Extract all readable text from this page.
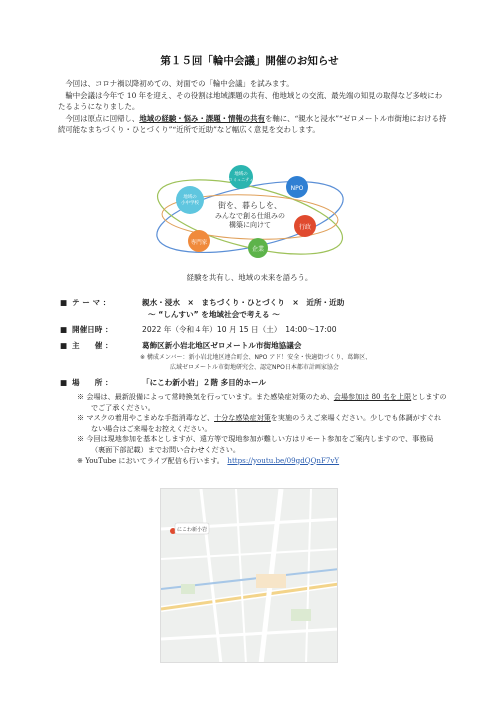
第１５回「輪中会議」開催のお知らせ

今回は、コロナ禍以降初めての、対面での「輪中会議」を試みます。

輪中会議は今年で 10 年を迎え、その役割は地域課題の共有、他地域との交流、最先端の知見の取得など多岐にわたるようになりました。

今回は原点に回帰し、地域の経験・悩み・課題・情報の共有を軸に、“親水と浸水”“ゼロメートル市街地における持続可能なまちづくり・ひとづくり”“近所で近助”など幅広く意見を交わします。

街を、暮らしを、
みんなで創る仕組みの
構築に向けて
地域の
小中学校
地域の
コミュニティ
NPO
行政
企業
専門家
経験を共有し、地域の未来を語ろう。
■ テ ー マ ：	親水・浸水　×　まちづくり・ひとづくり　×　近所・近助
～ “しんすい” を地域社会で考える ～
■ 開催日時 ：	2022 年（令和４年）10 月 15 日（土）　14:00～17:00
■ 主　　催 ：	葛飾区新小岩北地区ゼロメートル市街地協議会
※ 構成メンバー：新小岩北地区連合町会、NPO アド！安全・快適街づくり、葛飾区、
広域ゼロメートル市街地研究会、認定NPO日本都市計画家協会
■ 場　　所 ：	「にこわ新小岩」２階 多目的ホール
※ 会場は、最新設備によって常時換気を行っています。また感染症対策のため、会場参加は 80 名を上限としますのでご了承ください。
※ マスクの着用やこまめな手指消毒など、十分な感染症対策を実施のうえご来場ください。少しでも体調がすぐれない場合はご来場をお控えください。
※ 今回は現地参加を基本としますが、遠方等で現地参加が難しい方はリモート参加をご案内しますので、事務局（裏面下部記載）までお問い合わせください。
※ YouTube においてライブ配信も行います。　 https://youtu.be/09gdQQnF7vY
にこわ新小岩
